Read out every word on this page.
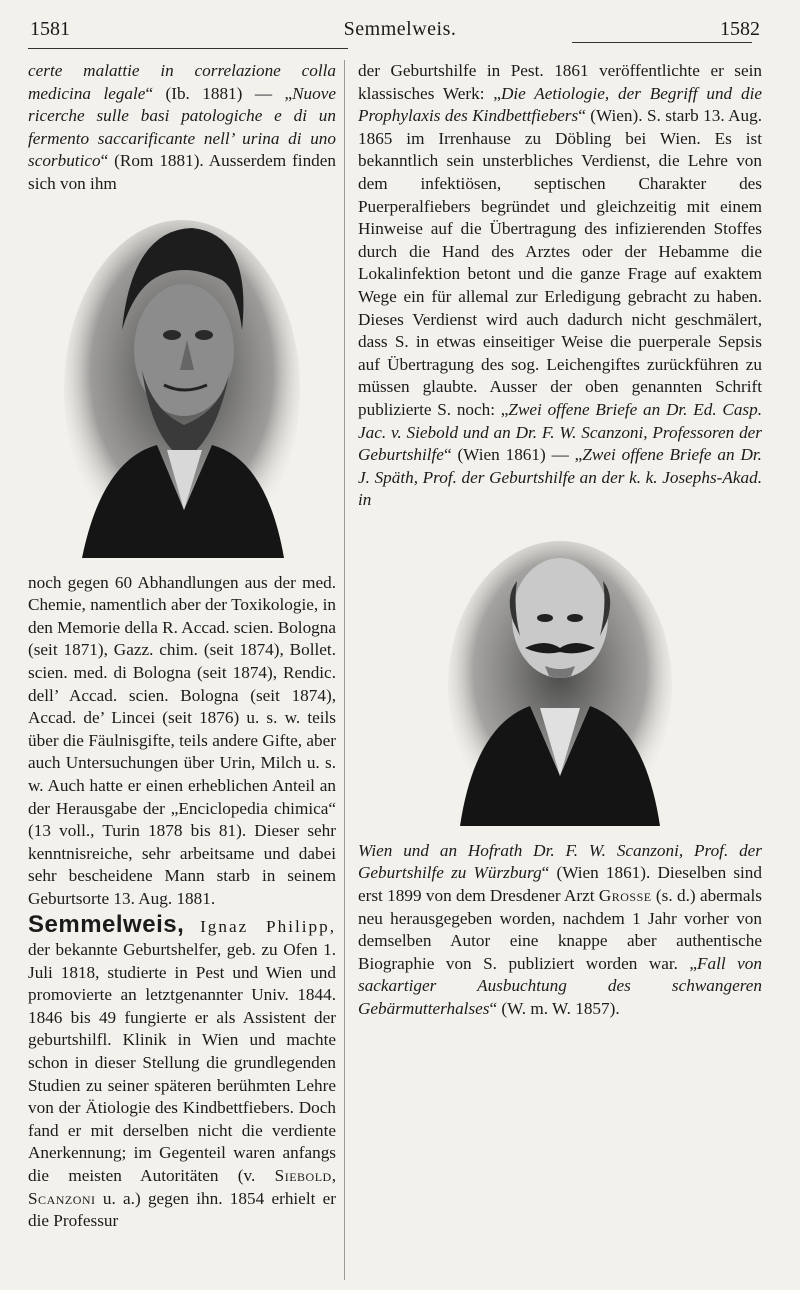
1581	Semmelweis.	1582

certe malattie in correlazione colla medicina legale“ (Ib. 1881) — „Nuove ricerche sulle basi patologiche e di un fermento saccarificante nell’ urina di uno scorbutico“ (Rom 1881). Ausserdem finden sich von ihm

noch gegen 60 Abhandlungen aus der med. Chemie, namentlich aber der Toxikologie, in den Memorie della R. Accad. scien. Bologna (seit 1871), Gazz. chim. (seit 1874), Bollet. scien. med. di Bologna (seit 1874), Rendic. dell’ Accad. scien. Bologna (seit 1874), Accad. de’ Lincei (seit 1876) u. s. w. teils über die Fäulnisgifte, teils andere Gifte, aber auch Untersuchungen über Urin, Milch u. s. w. Auch hatte er einen erheblichen Anteil an der Herausgabe der „Enciclopedia chimica“ (13 voll., Turin 1878 bis 81). Dieser sehr kenntnisreiche, sehr arbeitsame und dabei sehr bescheidene Mann starb in seinem Geburtsorte 13. Aug. 1881.

Semmelweis, Ignaz Philipp, der bekannte Geburtshelfer, geb. zu Ofen 1. Juli 1818, studierte in Pest und Wien und promovierte an letztgenannter Univ. 1844. 1846 bis 49 fungierte er als Assistent der geburtshilfl. Klinik in Wien und machte schon in dieser Stellung die grundlegenden Studien zu seiner späteren berühmten Lehre von der Ätiologie des Kindbettfiebers. Doch fand er mit derselben nicht die verdiente Anerkennung; im Gegenteil waren anfangs die meisten Autoritäten (v. Siebold, Scanzoni u. a.) gegen ihn. 1854 erhielt er die Professur

der Geburtshilfe in Pest. 1861 veröffentlichte er sein klassisches Werk: „Die Aetiologie, der Begriff und die Prophylaxis des Kindbettfiebers“ (Wien). S. starb 13. Aug. 1865 im Irrenhause zu Döbling bei Wien. Es ist bekanntlich sein unsterbliches Verdienst, die Lehre von dem infektiösen, septischen Charakter des Puerperalfiebers begründet und gleichzeitig mit einem Hinweise auf die Übertragung des infizierenden Stoffes durch die Hand des Arztes oder der Hebamme die Lokalinfektion betont und die ganze Frage auf exaktem Wege ein für allemal zur Erledigung gebracht zu haben. Dieses Verdienst wird auch dadurch nicht geschmälert, dass S. in etwas einseitiger Weise die puerperale Sepsis auf Übertragung des sog. Leichengiftes zurückführen zu müssen glaubte. Ausser der oben genannten Schrift publizierte S. noch: „Zwei offene Briefe an Dr. Ed. Casp. Jac. v. Siebold und an Dr. F. W. Scanzoni, Professoren der Geburtshilfe“ (Wien 1861) — „Zwei offene Briefe an Dr. J. Späth, Prof. der Geburtshilfe an der k. k. Josephs-Akad. in

Wien und an Hofrath Dr. F. W. Scanzoni, Prof. der Geburtshilfe zu Würzburg“ (Wien 1861). Dieselben sind erst 1899 von dem Dresdener Arzt Grosse (s. d.) abermals neu herausgegeben worden, nachdem 1 Jahr vorher von demselben Autor eine knappe aber authentische Biographie von S. publiziert worden war. „Fall von sackartiger Ausbuchtung des schwangeren Gebärmutterhalses“ (W. m. W. 1857).
